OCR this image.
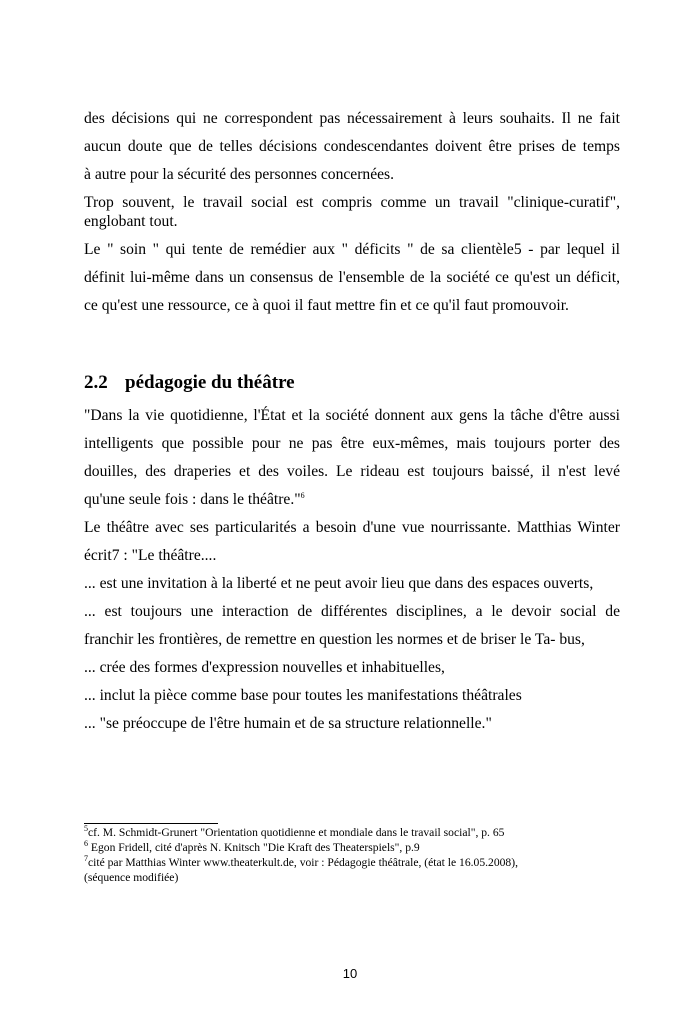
des décisions qui ne correspondent pas nécessairement à leurs souhaits. Il ne fait
aucun doute que de telles décisions condescendantes doivent être prises de temps
à autre pour la sécurité des personnes concernées.
Trop souvent, le travail social est compris comme un travail "clinique-curatif",
englobant tout.
Le " soin " qui tente de remédier aux " déficits " de sa clientèle5 - par lequel il
définit lui-même dans un consensus de l'ensemble de la société ce qu'est un déficit,
ce qu'est une ressource, ce à quoi il faut mettre fin et ce qu'il faut promouvoir.
2.2 pédagogie du théâtre
"Dans la vie quotidienne, l'État et la société donnent aux gens la tâche d'être aussi
intelligents que possible pour ne pas être eux-mêmes, mais toujours porter des
douilles, des draperies et des voiles. Le rideau est toujours baissé, il n'est levé
qu'une seule fois : dans le théâtre."$^6$
Le théâtre avec ses particularités a besoin d'une vue nourrissante. Matthias Winter
écrit7 : "Le théâtre....
... est une invitation à la liberté et ne peut avoir lieu que dans des espaces ouverts,
... est toujours une interaction de différentes disciplines, a le devoir social de
franchir les frontières, de remettre en question les normes et de briser le Ta- bus,
... crée des formes d'expression nouvelles et inhabituelles,
... inclut la pièce comme base pour toutes les manifestations théâtrales
... "se préoccupe de l'être humain et de sa structure relationnelle."
$^5$cf. M. Schmidt-Grunert "Orientation quotidienne et mondiale dans le travail social", p. 65
$^6$ Egon Fridell, cité d'après N. Knitsch "Die Kraft des Theaterspiels", p.9
$^7$cité par Matthias Winter www.theaterkult.de, voir : Pédagogie théâtrale, (état le 16.05.2008),
(séquence modifiée)
10
